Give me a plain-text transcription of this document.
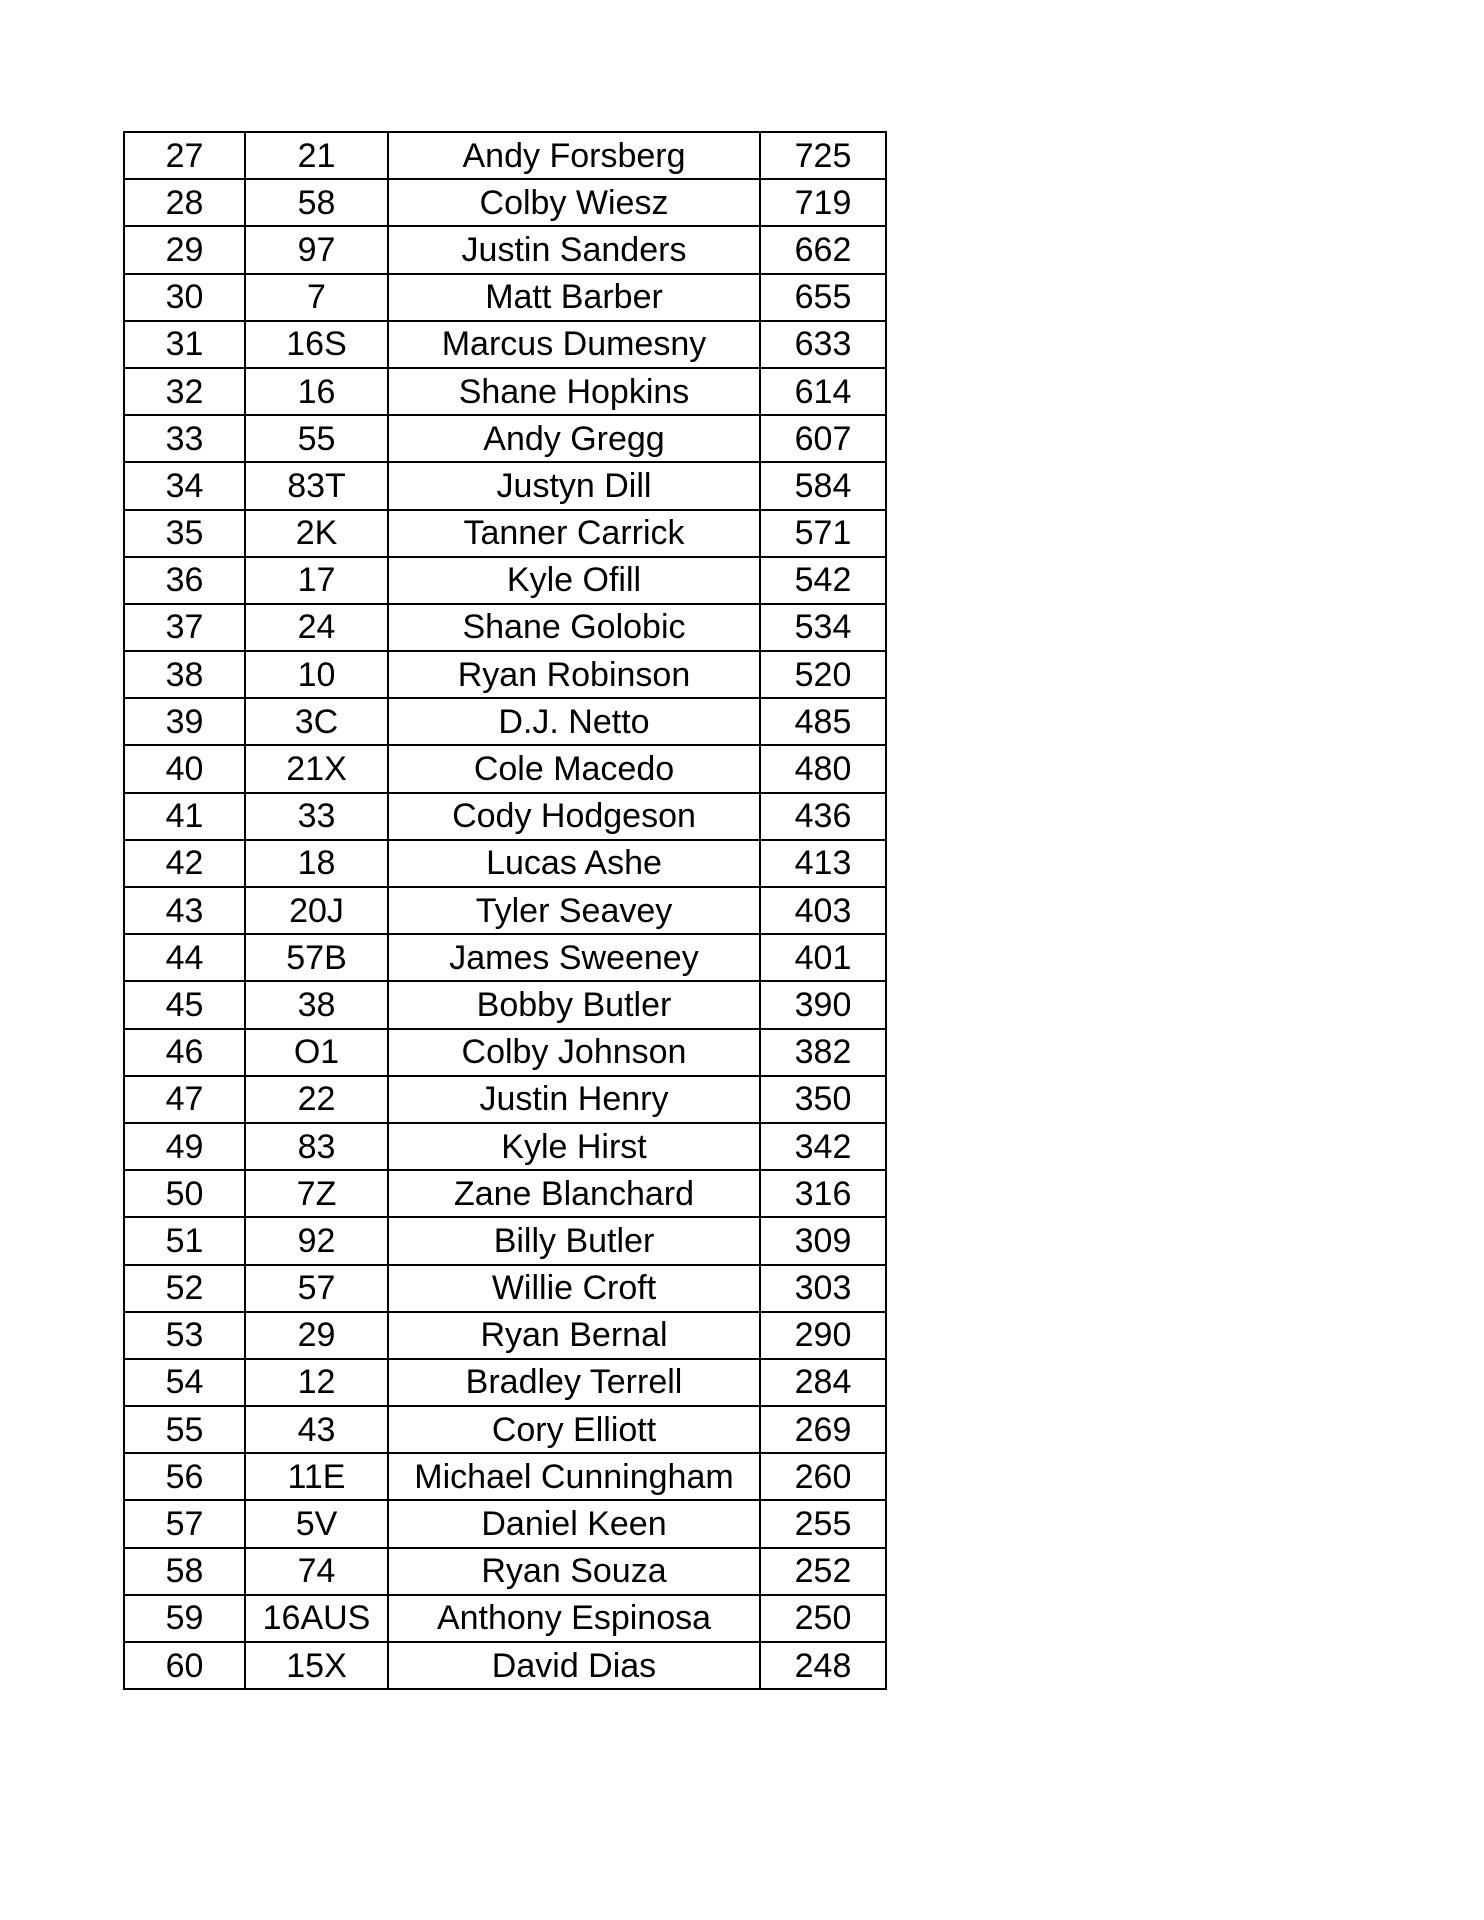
27	21	Andy Forsberg	725
28	58	Colby Wiesz	719
29	97	Justin Sanders	662
30	7	Matt Barber	655
31	16S	Marcus Dumesny	633
32	16	Shane Hopkins	614
33	55	Andy Gregg	607
34	83T	Justyn Dill	584
35	2K	Tanner Carrick	571
36	17	Kyle Ofill	542
37	24	Shane Golobic	534
38	10	Ryan Robinson	520
39	3C	D.J. Netto	485
40	21X	Cole Macedo	480
41	33	Cody Hodgeson	436
42	18	Lucas Ashe	413
43	20J	Tyler Seavey	403
44	57B	James Sweeney	401
45	38	Bobby Butler	390
46	O1	Colby Johnson	382
47	22	Justin Henry	350
49	83	Kyle Hirst	342
50	7Z	Zane Blanchard	316
51	92	Billy Butler	309
52	57	Willie Croft	303
53	29	Ryan Bernal	290
54	12	Bradley Terrell	284
55	43	Cory Elliott	269
56	11E	Michael Cunningham	260
57	5V	Daniel Keen	255
58	74	Ryan Souza	252
59	16AUS	Anthony Espinosa	250
60	15X	David Dias	248
